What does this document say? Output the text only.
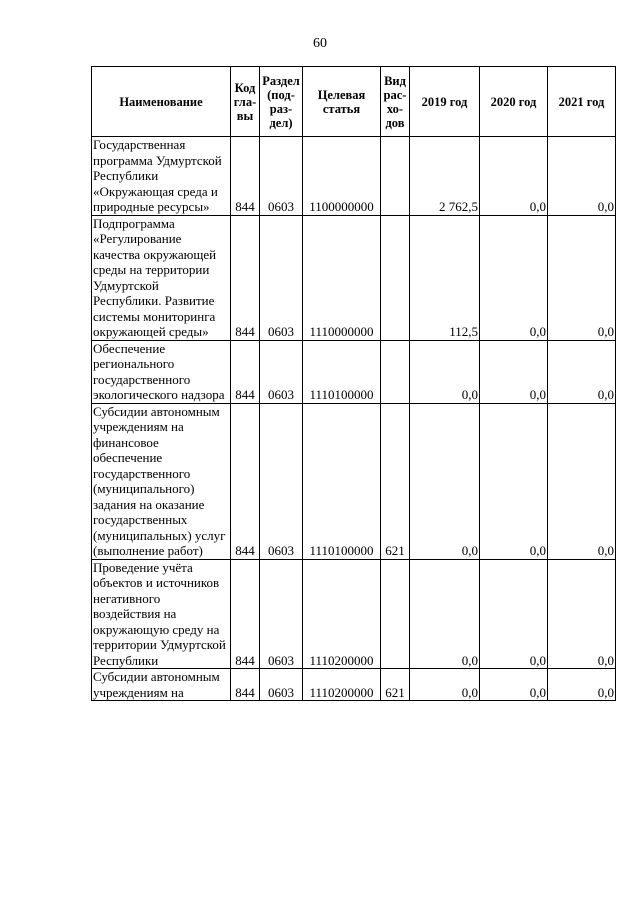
60
Наименование	Код гла-вы	Раздел (под-раз-дел)	Целевая статья	Вид рас-хо-дов	2019 год	2020 год	2021 год
Государственная программа Удмуртской Республики «Окружающая среда и природные ресурсы»	844	0603	1100000000		2 762,5	0,0	0,0
Подпрограмма «Регулирование качества окружающей среды на территории Удмуртской Республики. Развитие системы мониторинга окружающей среды»	844	0603	1110000000		112,5	0,0	0,0
Обеспечение регионального государственного экологического надзора	844	0603	1110100000		0,0	0,0	0,0
Субсидии автономным учреждениям на финансовое обеспечение государственного (муниципального) задания на оказание государственных (муниципальных) услуг (выполнение работ)	844	0603	1110100000	621	0,0	0,0	0,0
Проведение учёта объектов и источников негативного воздействия на окружающую среду на территории Удмуртской Республики	844	0603	1110200000		0,0	0,0	0,0
Субсидии автономным учреждениям на	844	0603	1110200000	621	0,0	0,0	0,0
